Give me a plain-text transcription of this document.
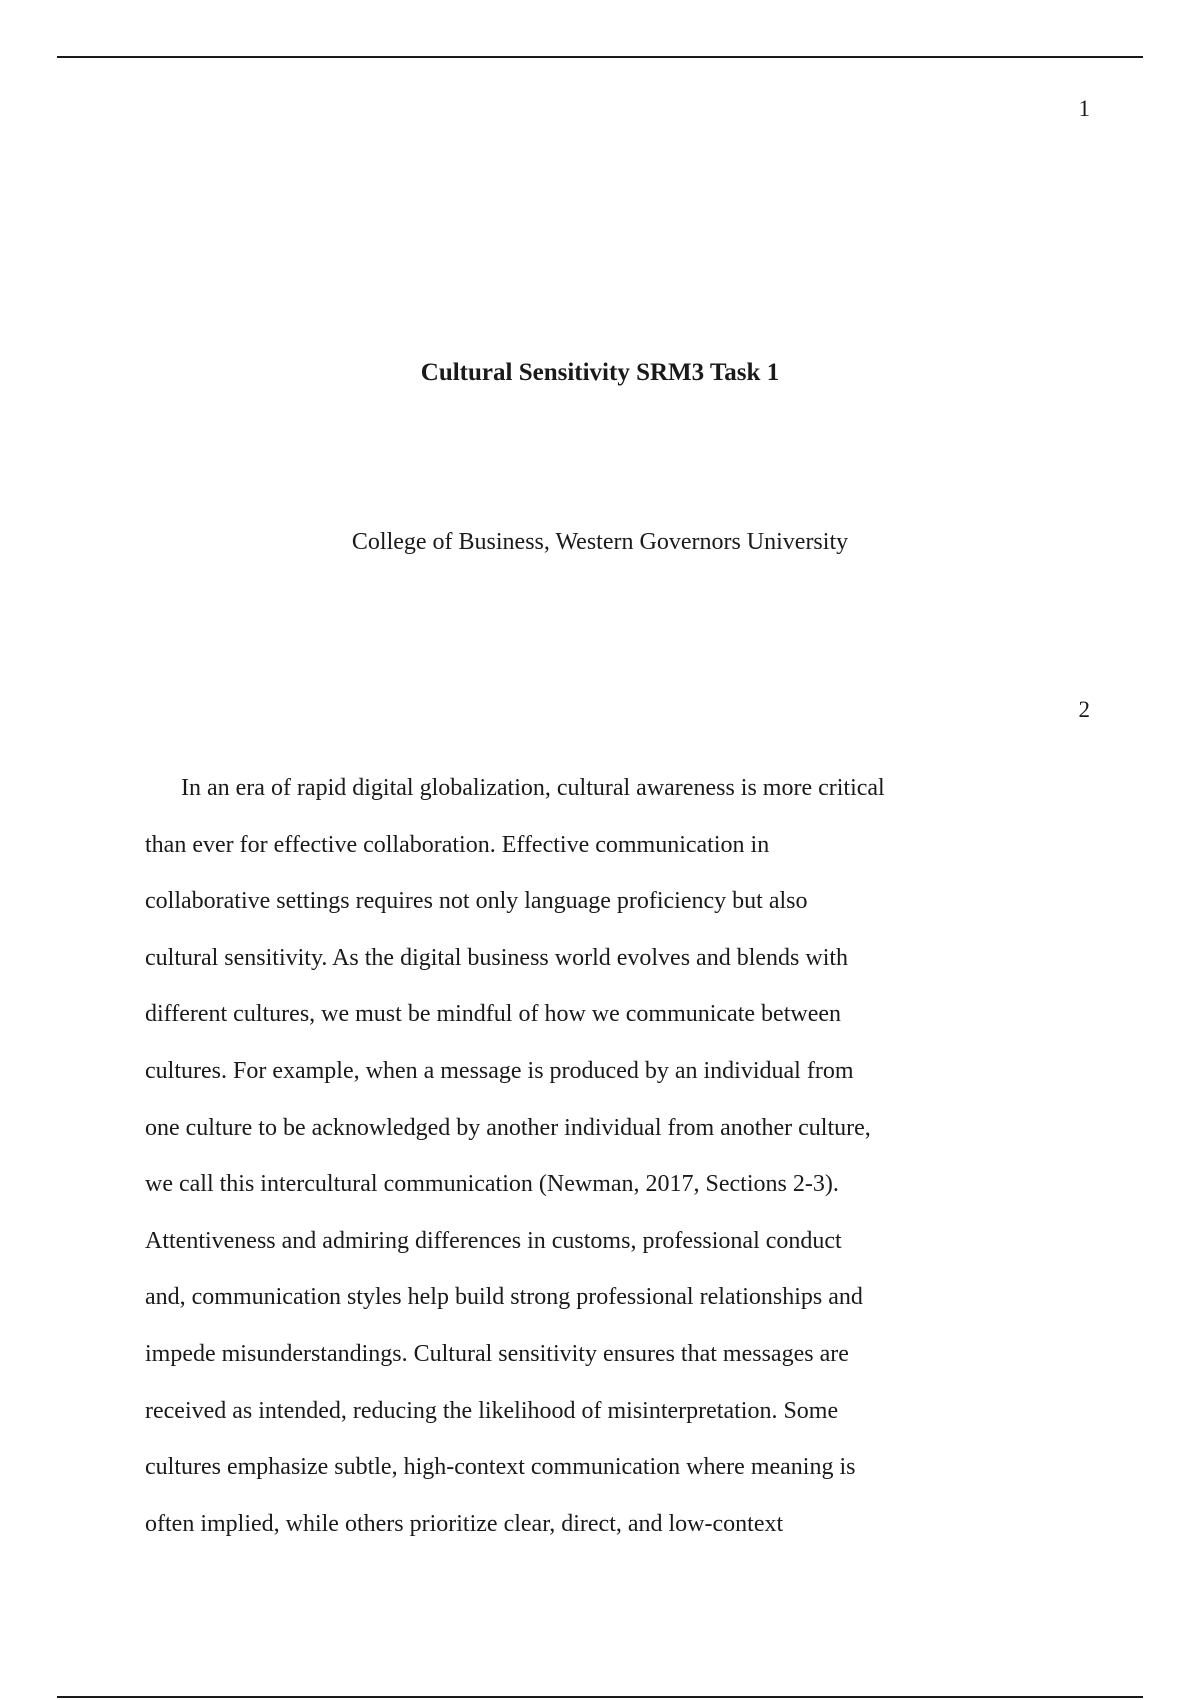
1
Cultural Sensitivity SRM3 Task 1
College of Business, Western Governors University
2
In an era of rapid digital globalization, cultural awareness is more critical
than ever for effective collaboration. Effective communication in
collaborative settings requires not only language proficiency but also
cultural sensitivity. As the digital business world evolves and blends with
different cultures, we must be mindful of how we communicate between
cultures. For example, when a message is produced by an individual from
one culture to be acknowledged by another individual from another culture,
we call this intercultural communication (Newman, 2017, Sections 2-3).
Attentiveness and admiring differences in customs, professional conduct
and, communication styles help build strong professional relationships and
impede misunderstandings. Cultural sensitivity ensures that messages are
received as intended, reducing the likelihood of misinterpretation. Some
cultures emphasize subtle, high-context communication where meaning is
often implied, while others prioritize clear, direct, and low-context
